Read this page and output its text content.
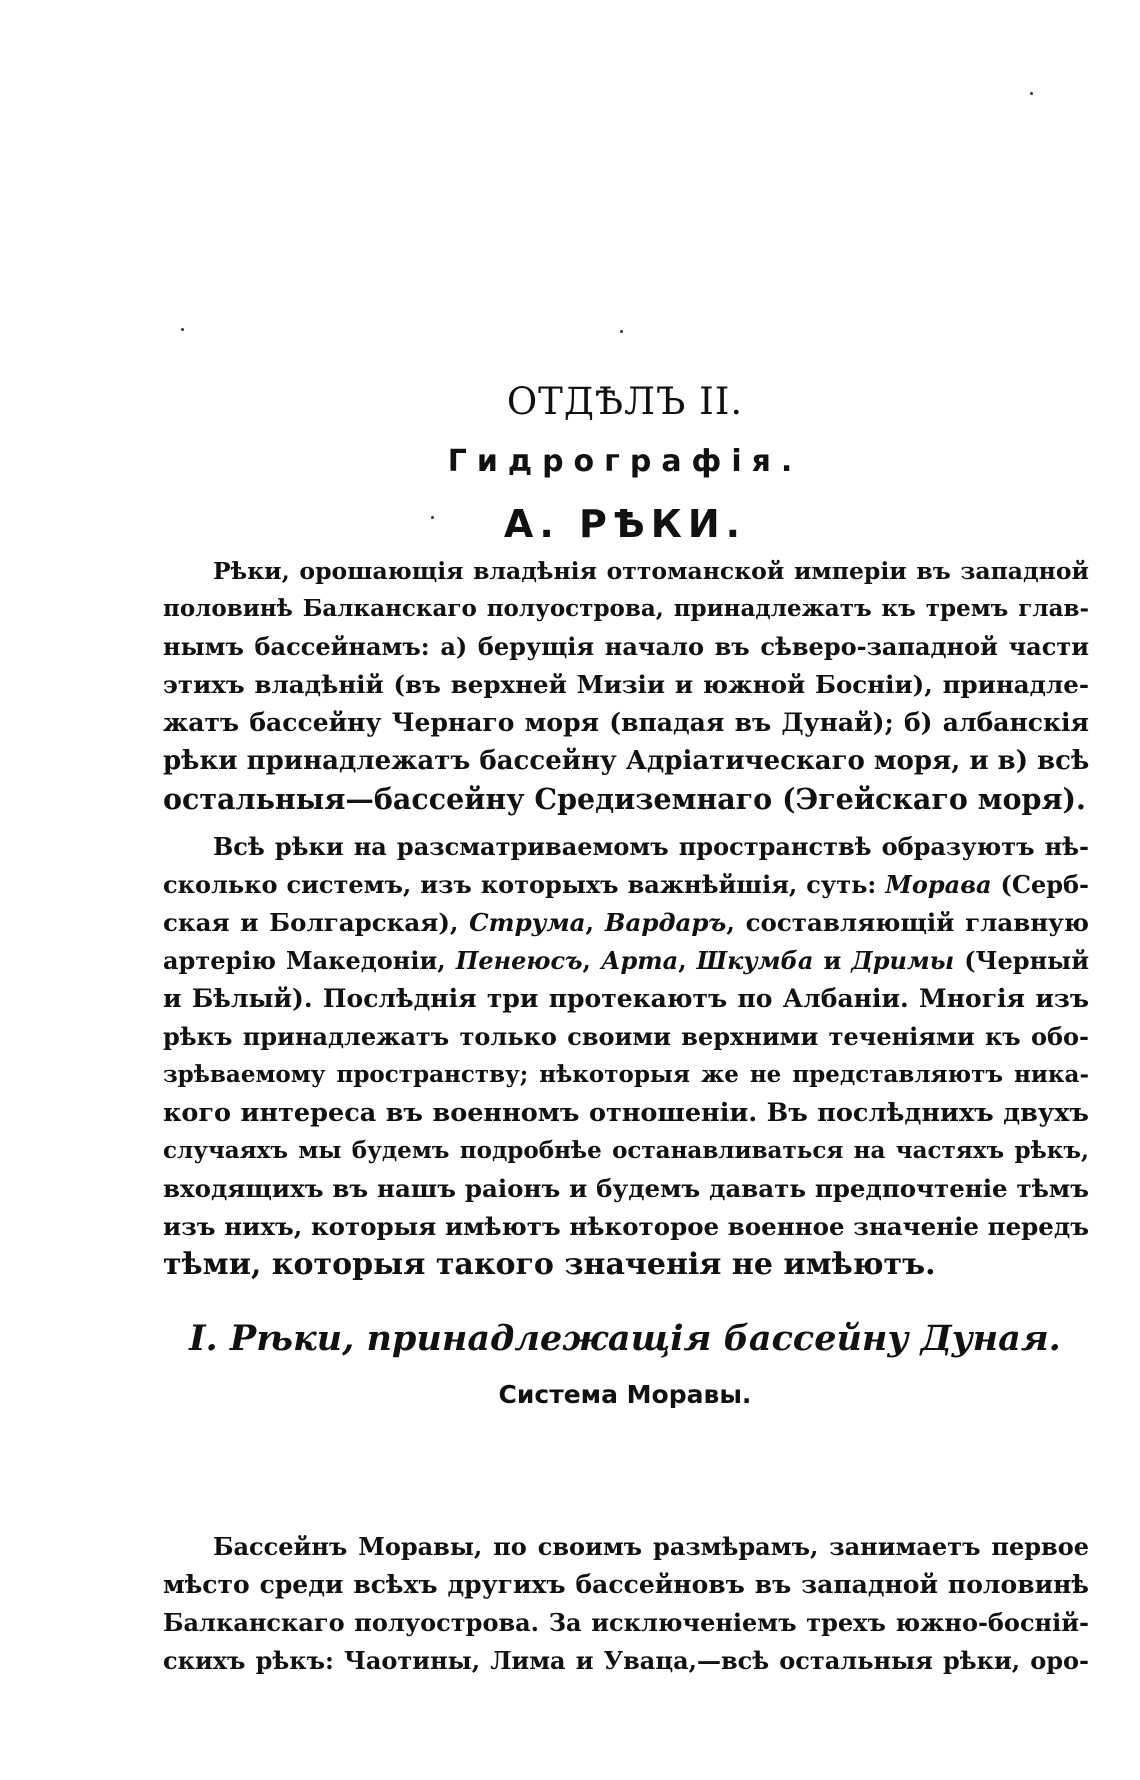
ОТДѢЛЪ II.
Гидрографія.
А. РѢКИ.
Рѣки, орошающія владѣнія оттоманской имперіи въ западной
половинѣ Балканскаго полуострова, принадлежатъ къ тремъ глав-
нымъ бассейнамъ: а) берущія начало въ сѣверо-западной части
этихъ владѣній (въ верхней Мизіи и южной Босніи), принадле-
жатъ бассейну Чернаго моря (впадая въ Дунай); б) албанскія
рѣки принадлежатъ бассейну Адріатическаго моря, и в) всѣ
остальныя—бассейну Средиземнаго (Эгейскаго моря).
Всѣ рѣки на разсматриваемомъ пространствѣ образуютъ нѣ-
сколько системъ, изъ которыхъ важнѣйшія, суть: Морава (Серб-
ская и Болгарская), Струма, Вардаръ, составляющій главную
артерію Македоніи, Пенеюсъ, Арта, Шкумба и Дримы (Черный
и Бѣлый). Послѣднія три протекаютъ по Албаніи. Многія изъ
рѣкъ принадлежатъ только своими верхними теченіями къ обо-
зрѣваемому пространству; нѣкоторыя же не представляютъ ника-
кого интереса въ военномъ отношеніи. Въ послѣднихъ двухъ
случаяхъ мы будемъ подробнѣе останавливаться на частяхъ рѣкъ,
входящихъ въ нашъ раіонъ и будемъ давать предпочтеніе тѣмъ
изъ нихъ, которыя имѣютъ нѣкоторое военное значеніе передъ
тѣми, которыя такого значенія не имѣютъ.
I. Рѣки, принадлежащія бассейну Дуная.
Система Моравы.
Бассейнъ Моравы, по своимъ размѣрамъ, занимаетъ первое
мѣсто среди всѣхъ другихъ бассейновъ въ западной половинѣ
Балканскаго полуострова. За исключеніемъ трехъ южно-боснiй-
скихъ рѣкъ: Чаотины, Лима и Уваца,—всѣ остальныя рѣки, оро-
